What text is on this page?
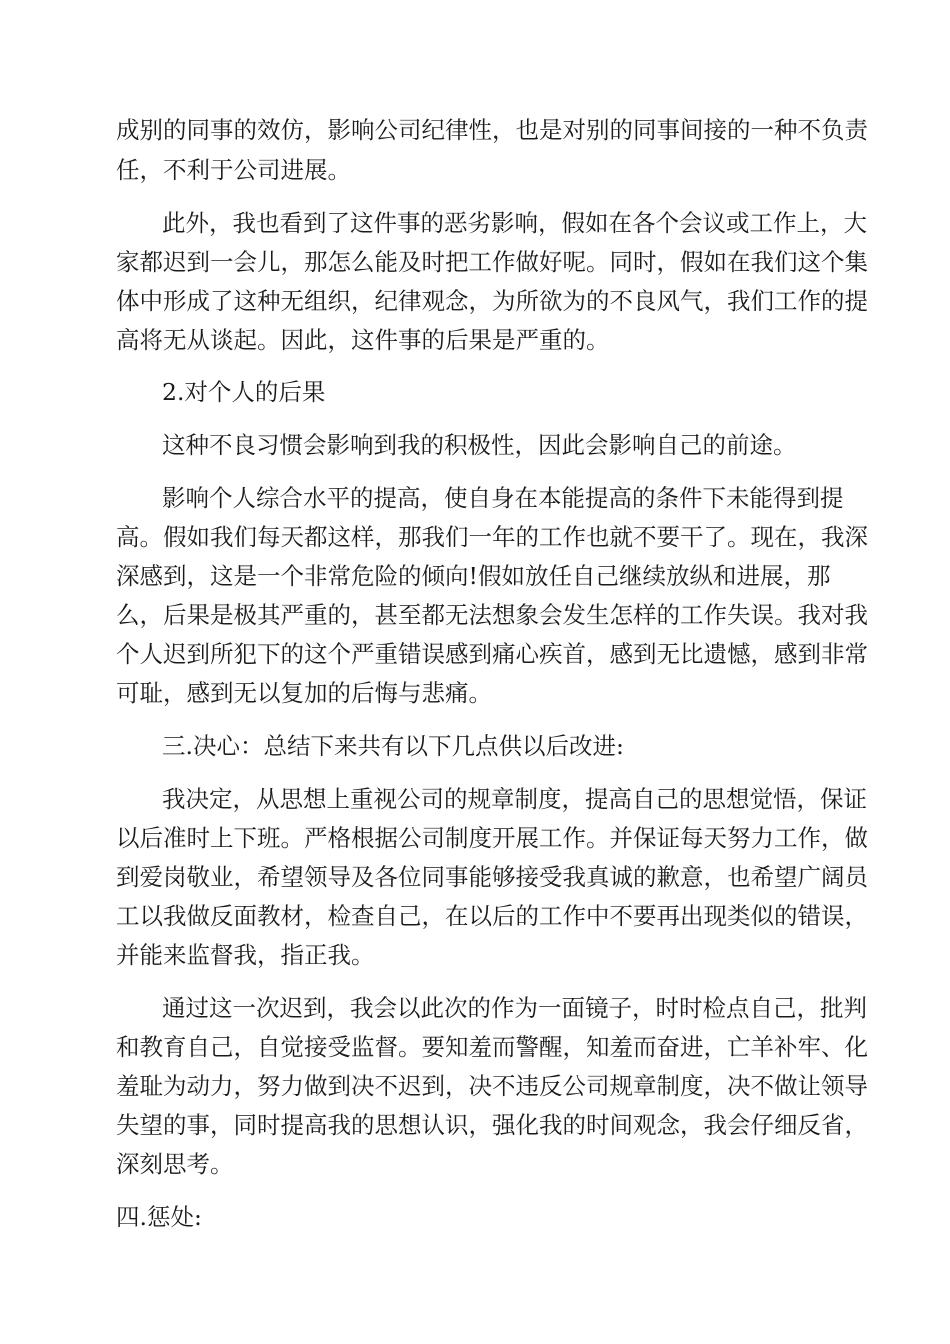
成别的同事的效仿，影响公司纪律性，也是对别的同事间接的一种不负责

任，不利于公司进展。

此外，我也看到了这件事的恶劣影响，假如在各个会议或工作上，大

家都迟到一会儿，那怎么能及时把工作做好呢。同时，假如在我们这个集

体中形成了这种无组织，纪律观念，为所欲为的不良风气，我们工作的提

高将无从谈起。因此，这件事的后果是严重的。

2.对个人的后果

这种不良习惯会影响到我的积极性，因此会影响自己的前途。

影响个人综合水平的提高，使自身在本能提高的条件下未能得到提

高。假如我们每天都这样，那我们一年的工作也就不要干了。现在，我深

深感到，这是一个非常危险的倾向!假如放任自己继续放纵和进展，那

么，后果是极其严重的，甚至都无法想象会发生怎样的工作失误。我对我

个人迟到所犯下的这个严重错误感到痛心疾首，感到无比遗憾，感到非常

可耻，感到无以复加的后悔与悲痛。

三.决心：总结下来共有以下几点供以后改进:

我决定，从思想上重视公司的规章制度，提高自己的思想觉悟，保证

以后准时上下班。严格根据公司制度开展工作。并保证每天努力工作，做

到爱岗敬业，希望领导及各位同事能够接受我真诚的歉意，也希望广阔员

工以我做反面教材，检查自己，在以后的工作中不要再出现类似的错误，

并能来监督我，指正我。

通过这一次迟到，我会以此次的作为一面镜子，时时检点自己，批判

和教育自己，自觉接受监督。要知羞而警醒，知羞而奋进，亡羊补牢、化

羞耻为动力，努力做到决不迟到，决不违反公司规章制度，决不做让领导

失望的事，同时提高我的思想认识，强化我的时间观念，我会仔细反省，

深刻思考。

四.惩处:
